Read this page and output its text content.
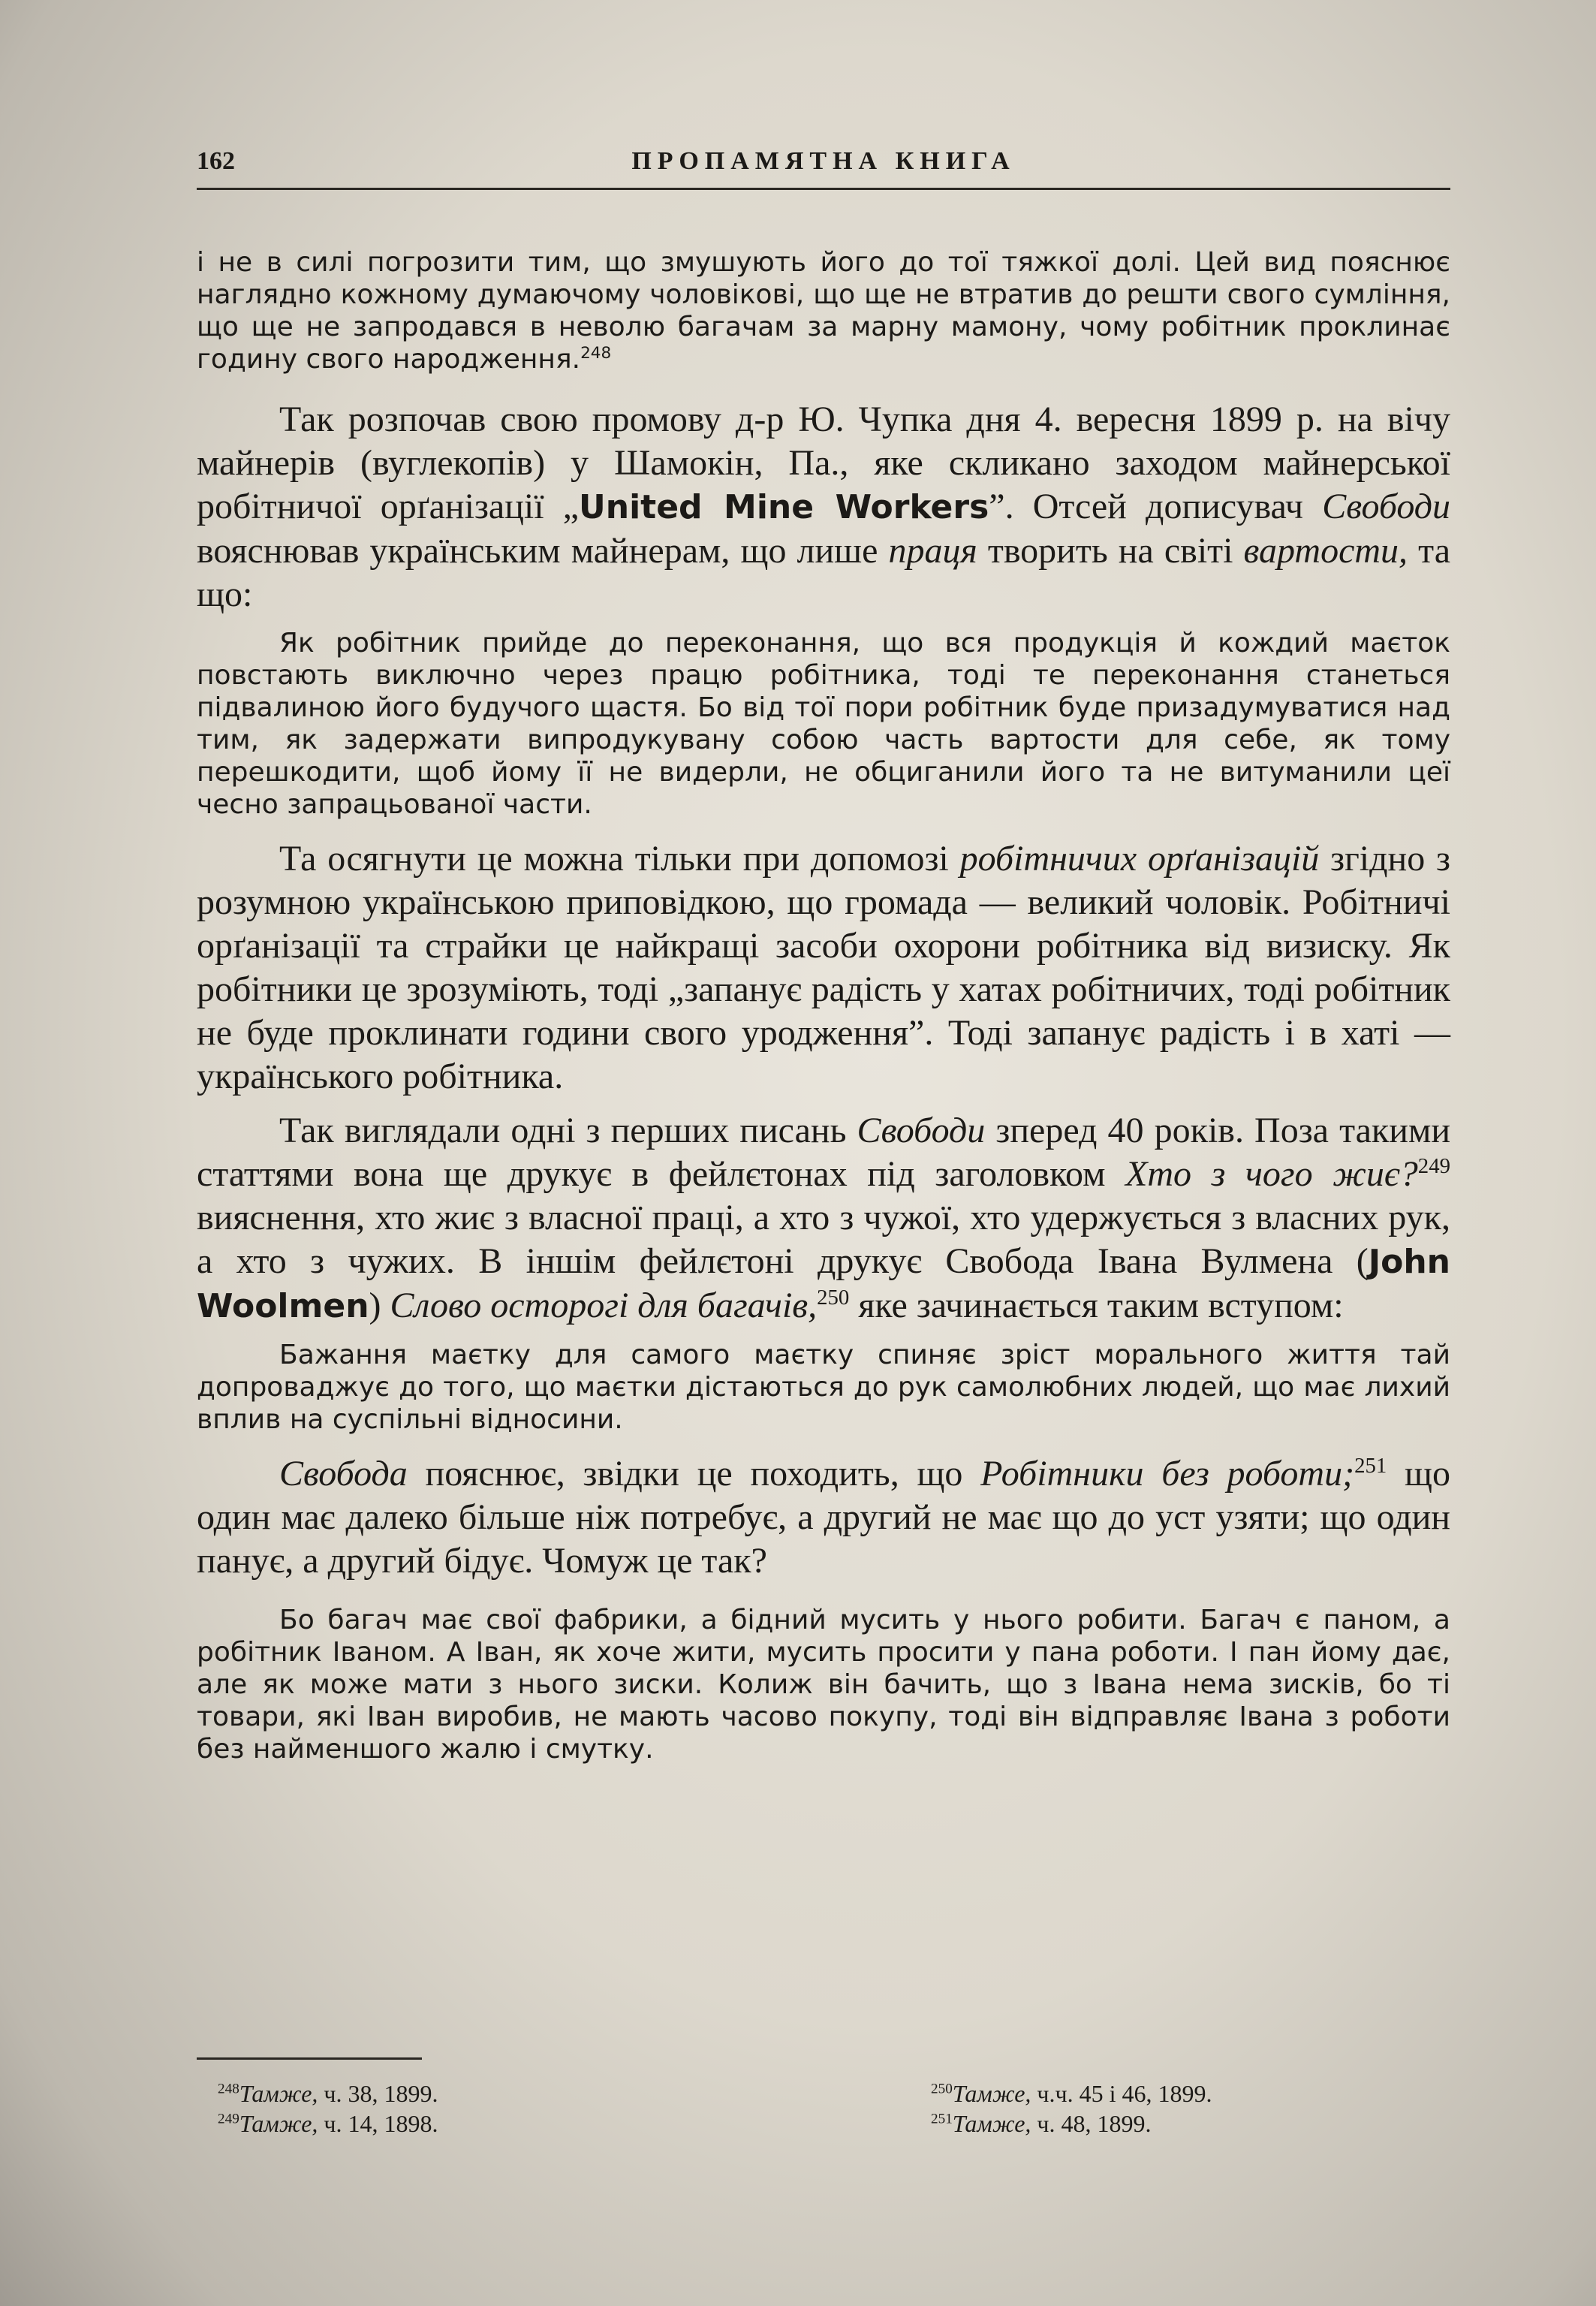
162	ПРОПАМЯТНА КНИГА

і не в силі погрозити тим, що змушують його до тої тяжкої долі. Цей вид пояснює наглядно кожному думаючому чоловікові, що ще не втратив до решти свого сумління, що ще не запродався в неволю багачам за марну мамону, чому робітник проклинає годину свого народження.$^{248}$

Так розпочав свою промову д-р Ю. Чупка дня 4. вересня 1899 р. на вічу майнерів (вуглекопів) у Шамокін, Па., яке скликано заходом майнерської робітничої орґанізації „United Mine Workers”. Отсей дописувач Свободи вояснював українським майнерам, що лише праця творить на світі вартости, та що:

Як робітник прийде до переконання, що вся продукція й кождий маєток повстають виключно через працю робітника, тоді те переконання станеться підвалиною його будучого щастя. Бо від тої пори робітник буде призадумуватися над тим, як задержати випродукувану собою часть вартости для себе, як тому перешкодити, щоб йому її не видерли, не обциганили його та не витуманили цеї чесно запрацьованої части.

Та осягнути це можна тільки при допомозі робітничих орґанізацій згідно з розумною українською приповідкою, що громада — великий чоловік. Робітничі орґанізації та страйки це найкращі засоби охорони робітника від визиску. Як робітники це зрозуміють, тоді „запанує радість у хатах робітничих, тоді робітник не буде проклинати години свого уродження”. Тоді запанує радість і в хаті — українського робітника.

Так виглядали одні з перших писань Свободи зперед 40 років. Поза такими статтями вона ще друкує в фейлєтонах під заголовком Хто з чого жиє?$^{249}$ вияснення, хто жиє з власної праці, а хто з чужої, хто удержується з власних рук, а хто з чужих. В іншім фейлєтоні друкує Свобода Івана Вулмена (John Woolmen) Слово осторогі для багачів,$^{250}$ яке зачинається таким вступом:

Бажання маєтку для самого маєтку спиняє зріст морального життя тай допроваджує до того, що маєтки дістаються до рук самолюбних людей, що має лихий вплив на суспільні відносини.

Свобода пояснює, звідки це походить, що Робітники без роботи;$^{251}$ що один має далеко більше ніж потребує, а другий не має що до уст узяти; що один панує, а другий бідує. Чомуж це так?

Бо багач має свої фабрики, а бідний мусить у нього робити. Багач є паном, а робітник Іваном. А Іван, як хоче жити, мусить просити у пана роботи. І пан йому дає, але як може мати з нього зиски. Колиж він бачить, що з Івана нема зисків, бо ті товари, які Іван виробив, не мають часово покупу, тоді він відправляє Івана з роботи без найменшого жалю і смутку.

$^{248}$Тамже, ч. 38, 1899.
$^{249}$Тамже, ч. 14, 1898.
$^{250}$Тамже, ч.ч. 45 і 46, 1899.
$^{251}$Тамже, ч. 48, 1899.
